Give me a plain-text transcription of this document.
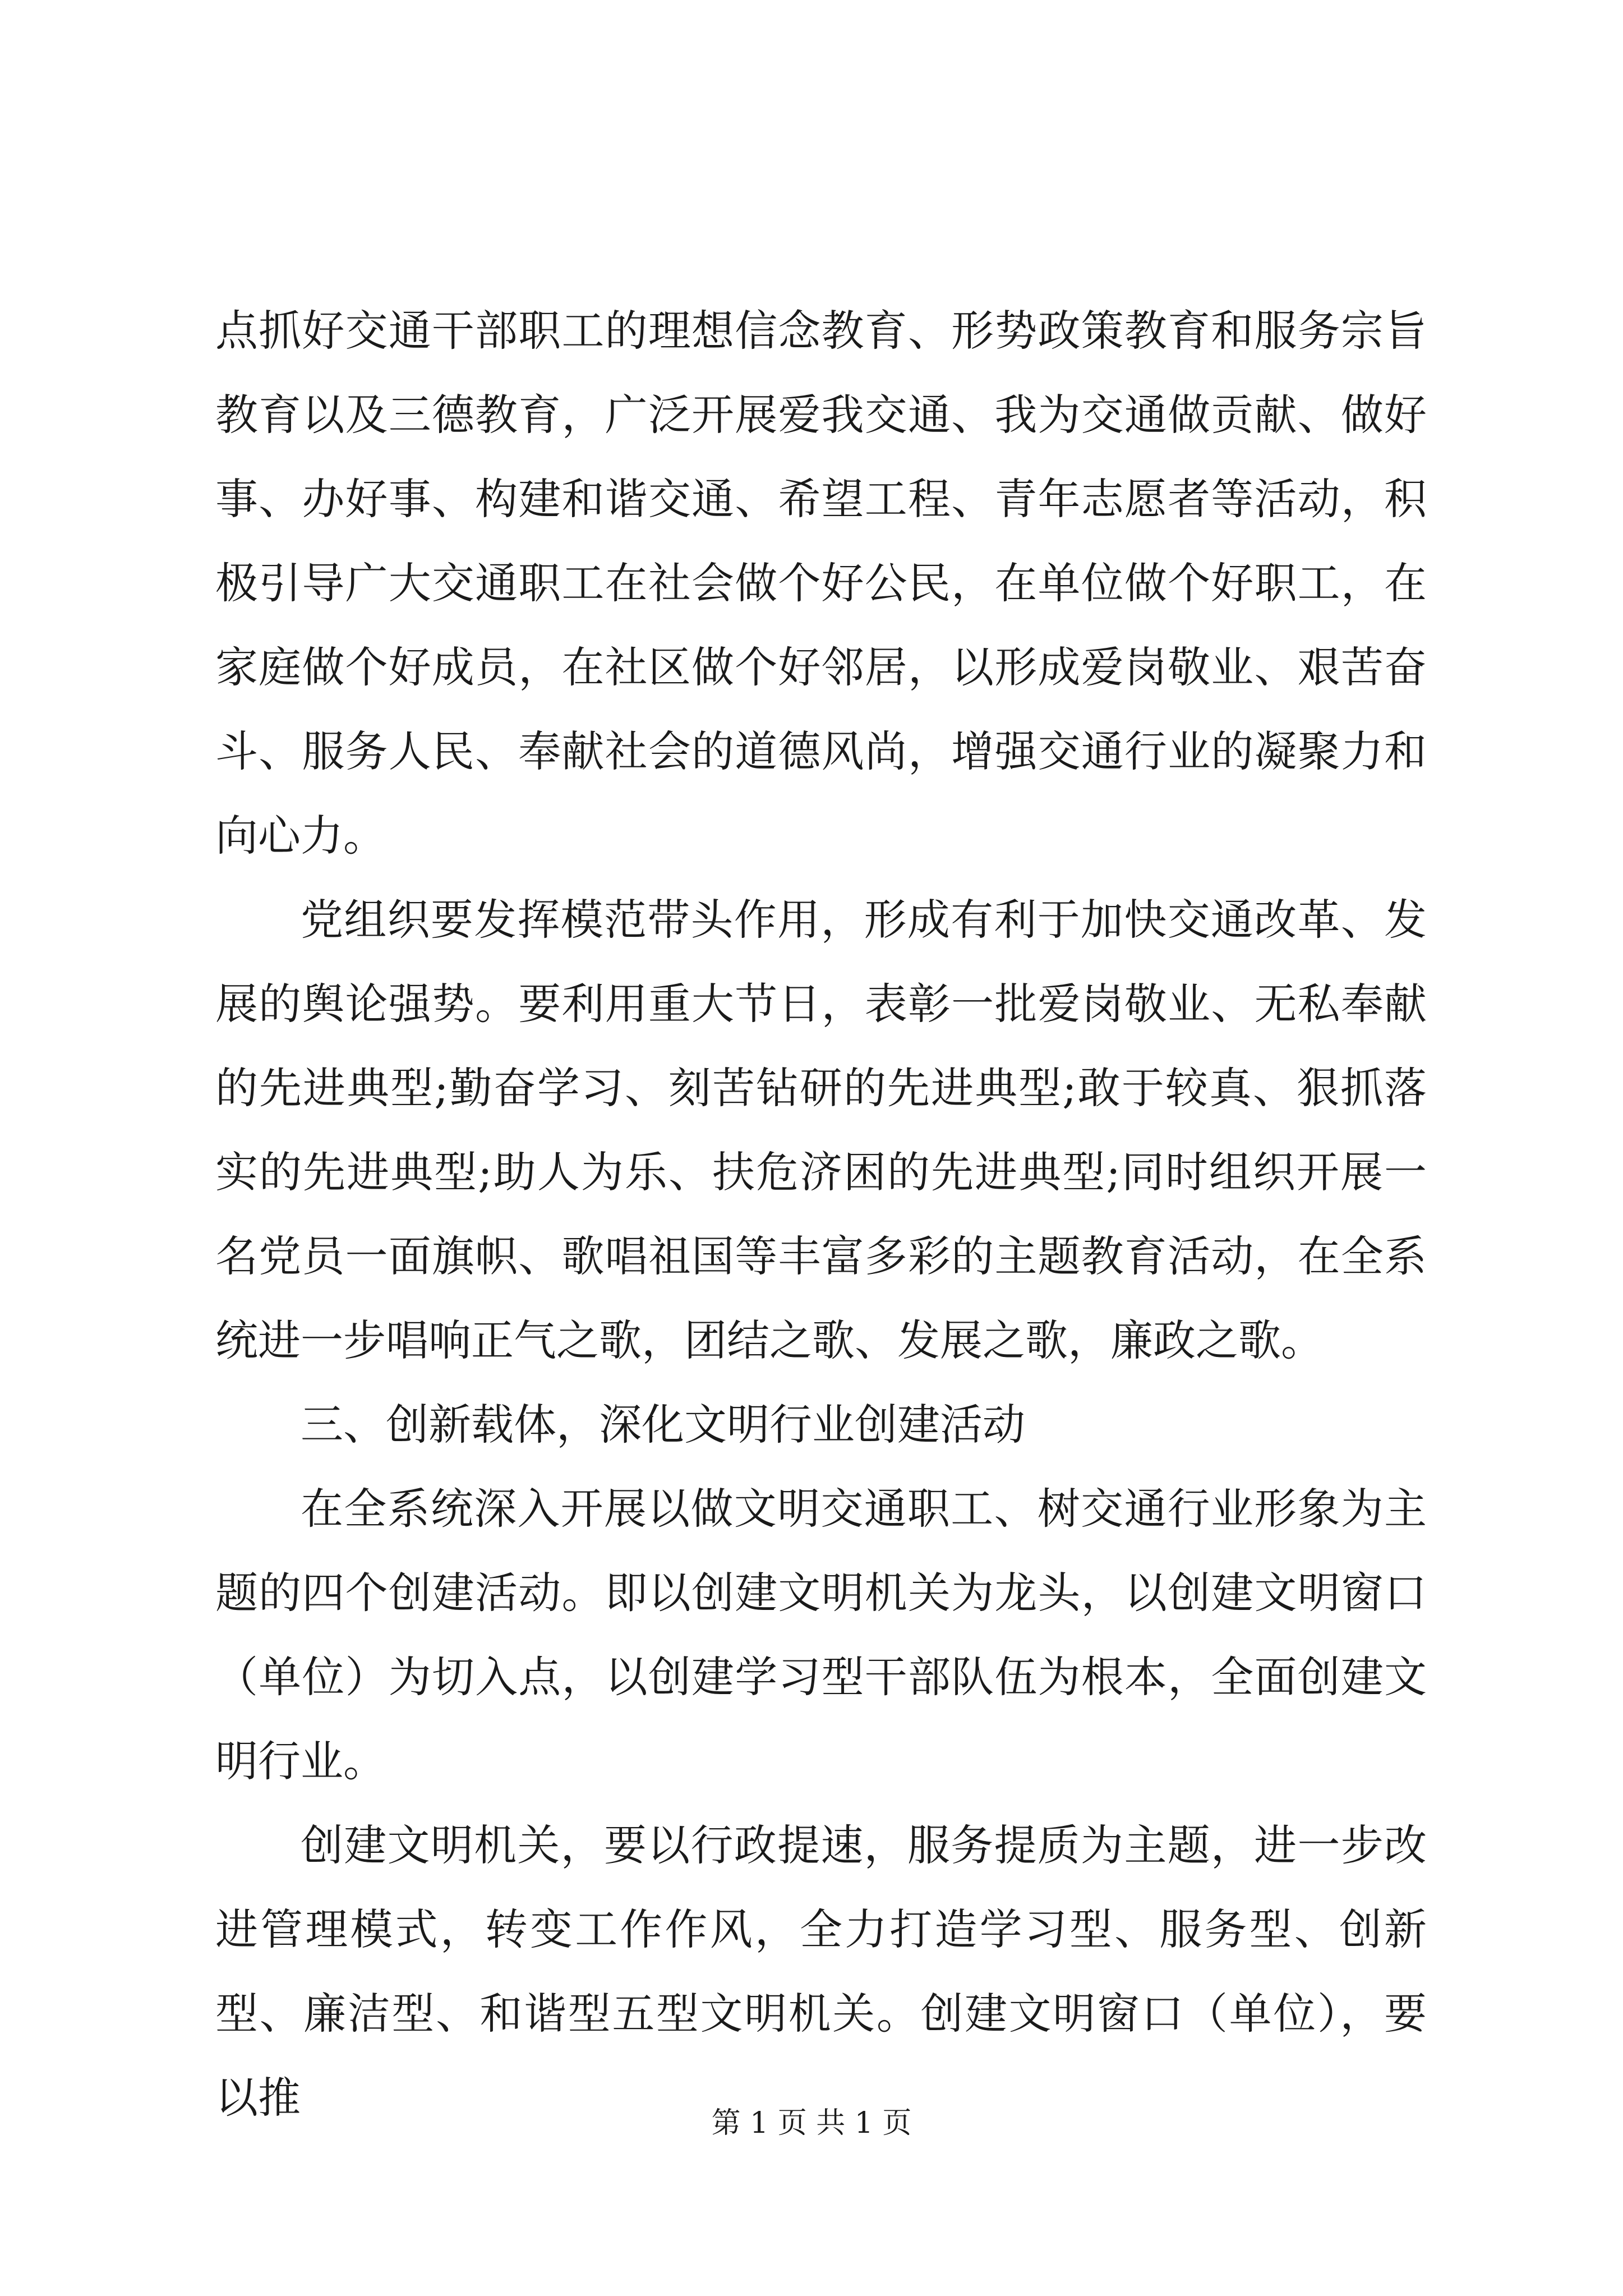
点抓好交通干部职工的理想信念教育、形势政策教育和服务宗旨教育以及三德教育，广泛开展爱我交通、我为交通做贡献、做好事、办好事、构建和谐交通、希望工程、青年志愿者等活动，积极引导广大交通职工在社会做个好公民，在单位做个好职工，在家庭做个好成员，在社区做个好邻居，以形成爱岗敬业、艰苦奋斗、服务人民、奉献社会的道德风尚，增强交通行业的凝聚力和向心力。

党组织要发挥模范带头作用，形成有利于加快交通改革、发展的舆论强势。要利用重大节日，表彰一批爱岗敬业、无私奉献的先进典型;勤奋学习、刻苦钻研的先进典型;敢于较真、狠抓落实的先进典型;助人为乐、扶危济困的先进典型;同时组织开展一名党员一面旗帜、歌唱祖国等丰富多彩的主题教育活动，在全系统进一步唱响正气之歌，团结之歌、发展之歌，廉政之歌。

三、创新载体，深化文明行业创建活动

在全系统深入开展以做文明交通职工、树交通行业形象为主题的四个创建活动。即以创建文明机关为龙头，以创建文明窗口（单位）为切入点，以创建学习型干部队伍为根本，全面创建文明行业。

创建文明机关，要以行政提速，服务提质为主题，进一步改进管理模式，转变工作作风，全力打造学习型、服务型、创新型、廉洁型、和谐型五型文明机关。创建文明窗口（单位），要以推

第 1 页 共 1 页
